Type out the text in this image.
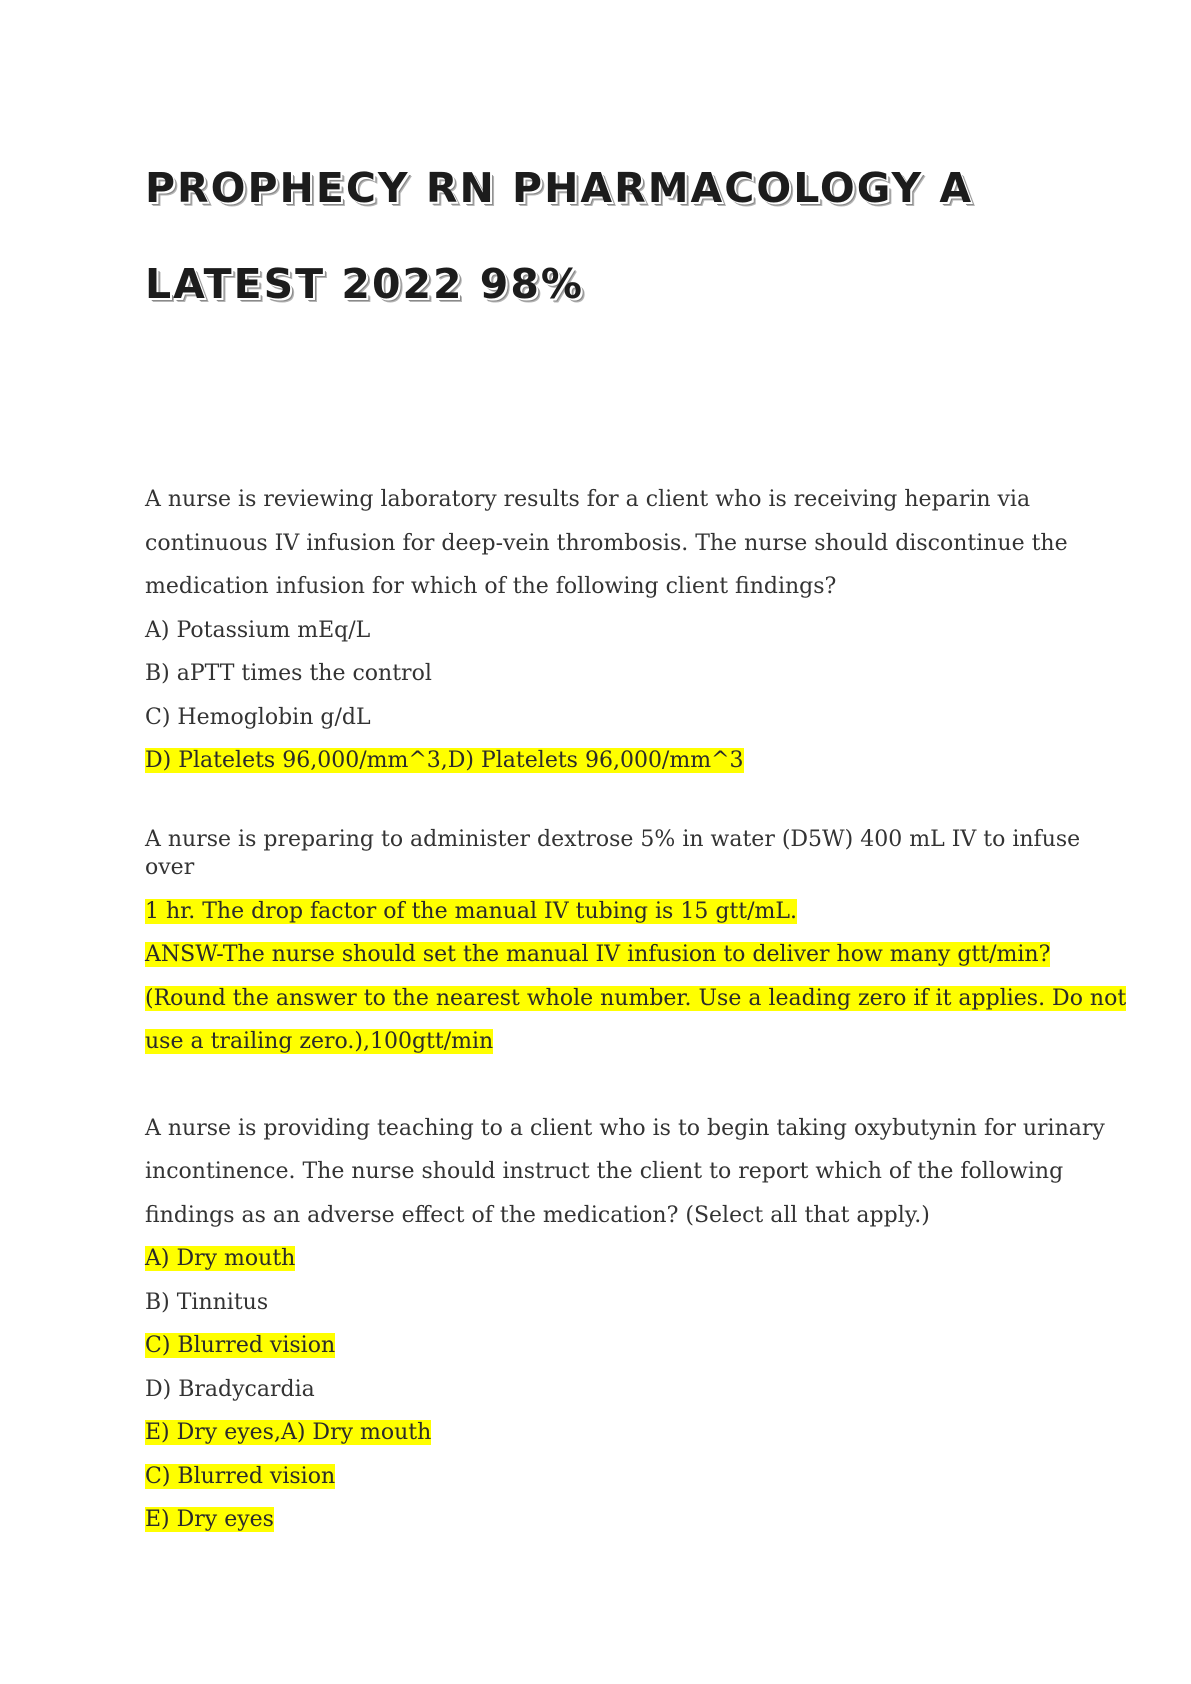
PROPHECY RN PHARMACOLOGY A
LATEST 2022 98%
A nurse is reviewing laboratory results for a client who is receiving heparin via
continuous IV infusion for deep-vein thrombosis. The nurse should discontinue the
medication infusion for which of the following client findings?
A) Potassium mEq/L
B) aPTT times the control
C) Hemoglobin g/dL
D) Platelets 96,000/mm^3,D) Platelets 96,000/mm^3
A nurse is preparing to administer dextrose 5% in water (D5W) 400 mL IV to infuse
over
1 hr. The drop factor of the manual IV tubing is 15 gtt/mL.
ANSW-The nurse should set the manual IV infusion to deliver how many gtt/min?
(Round the answer to the nearest whole number. Use a leading zero if it applies. Do not
use a trailing zero.),100gtt/min
A nurse is providing teaching to a client who is to begin taking oxybutynin for urinary
incontinence. The nurse should instruct the client to report which of the following
findings as an adverse effect of the medication? (Select all that apply.)
A) Dry mouth
B) Tinnitus
C) Blurred vision
D) Bradycardia
E) Dry eyes,A) Dry mouth
C) Blurred vision
E) Dry eyes
